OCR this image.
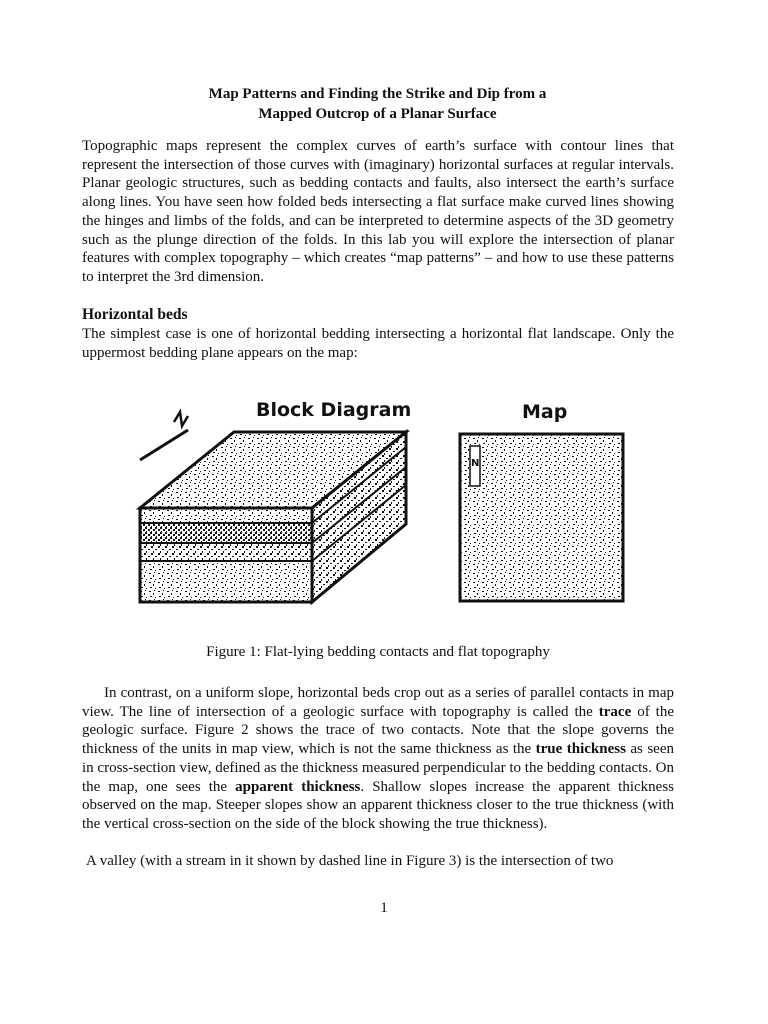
Map Patterns and Finding the Strike and Dip from a
Mapped Outcrop of a Planar Surface

Topographic maps represent the complex curves of earth’s surface with contour lines that represent the intersection of those curves with (imaginary) horizontal surfaces at regular intervals. Planar geologic structures, such as bedding contacts and faults, also intersect the earth’s surface along lines. You have seen how folded beds intersecting a flat surface make curved lines showing the hinges and limbs of the folds, and can be interpreted to determine aspects of the 3D geometry such as the plunge direction of the folds. In this lab you will explore the intersection of planar features with complex topography – which creates “map patterns” – and how to use these patterns to interpret the 3rd dimension.

Horizontal beds

The simplest case is one of horizontal bedding intersecting a horizontal flat landscape. Only the uppermost bedding plane appears on the map:

Block Diagram	Map
N
Figure 1: Flat-lying bedding contacts and flat topography

In contrast, on a uniform slope, horizontal beds crop out as a series of parallel contacts in map view. The line of intersection of a geologic surface with topography is called the trace of the geologic surface. Figure 2 shows the trace of two contacts. Note that the slope governs the thickness of the units in map view, which is not the same thickness as the true thickness as seen in cross-section view, defined as the thickness measured perpendicular to the bedding contacts. On the map, one sees the apparent thickness. Shallow slopes increase the apparent thickness observed on the map. Steeper slopes show an apparent thickness closer to the true thickness (with the vertical cross-section on the side of the block showing the true thickness).

A valley (with a stream in it shown by dashed line in Figure 3) is the intersection of two

1
